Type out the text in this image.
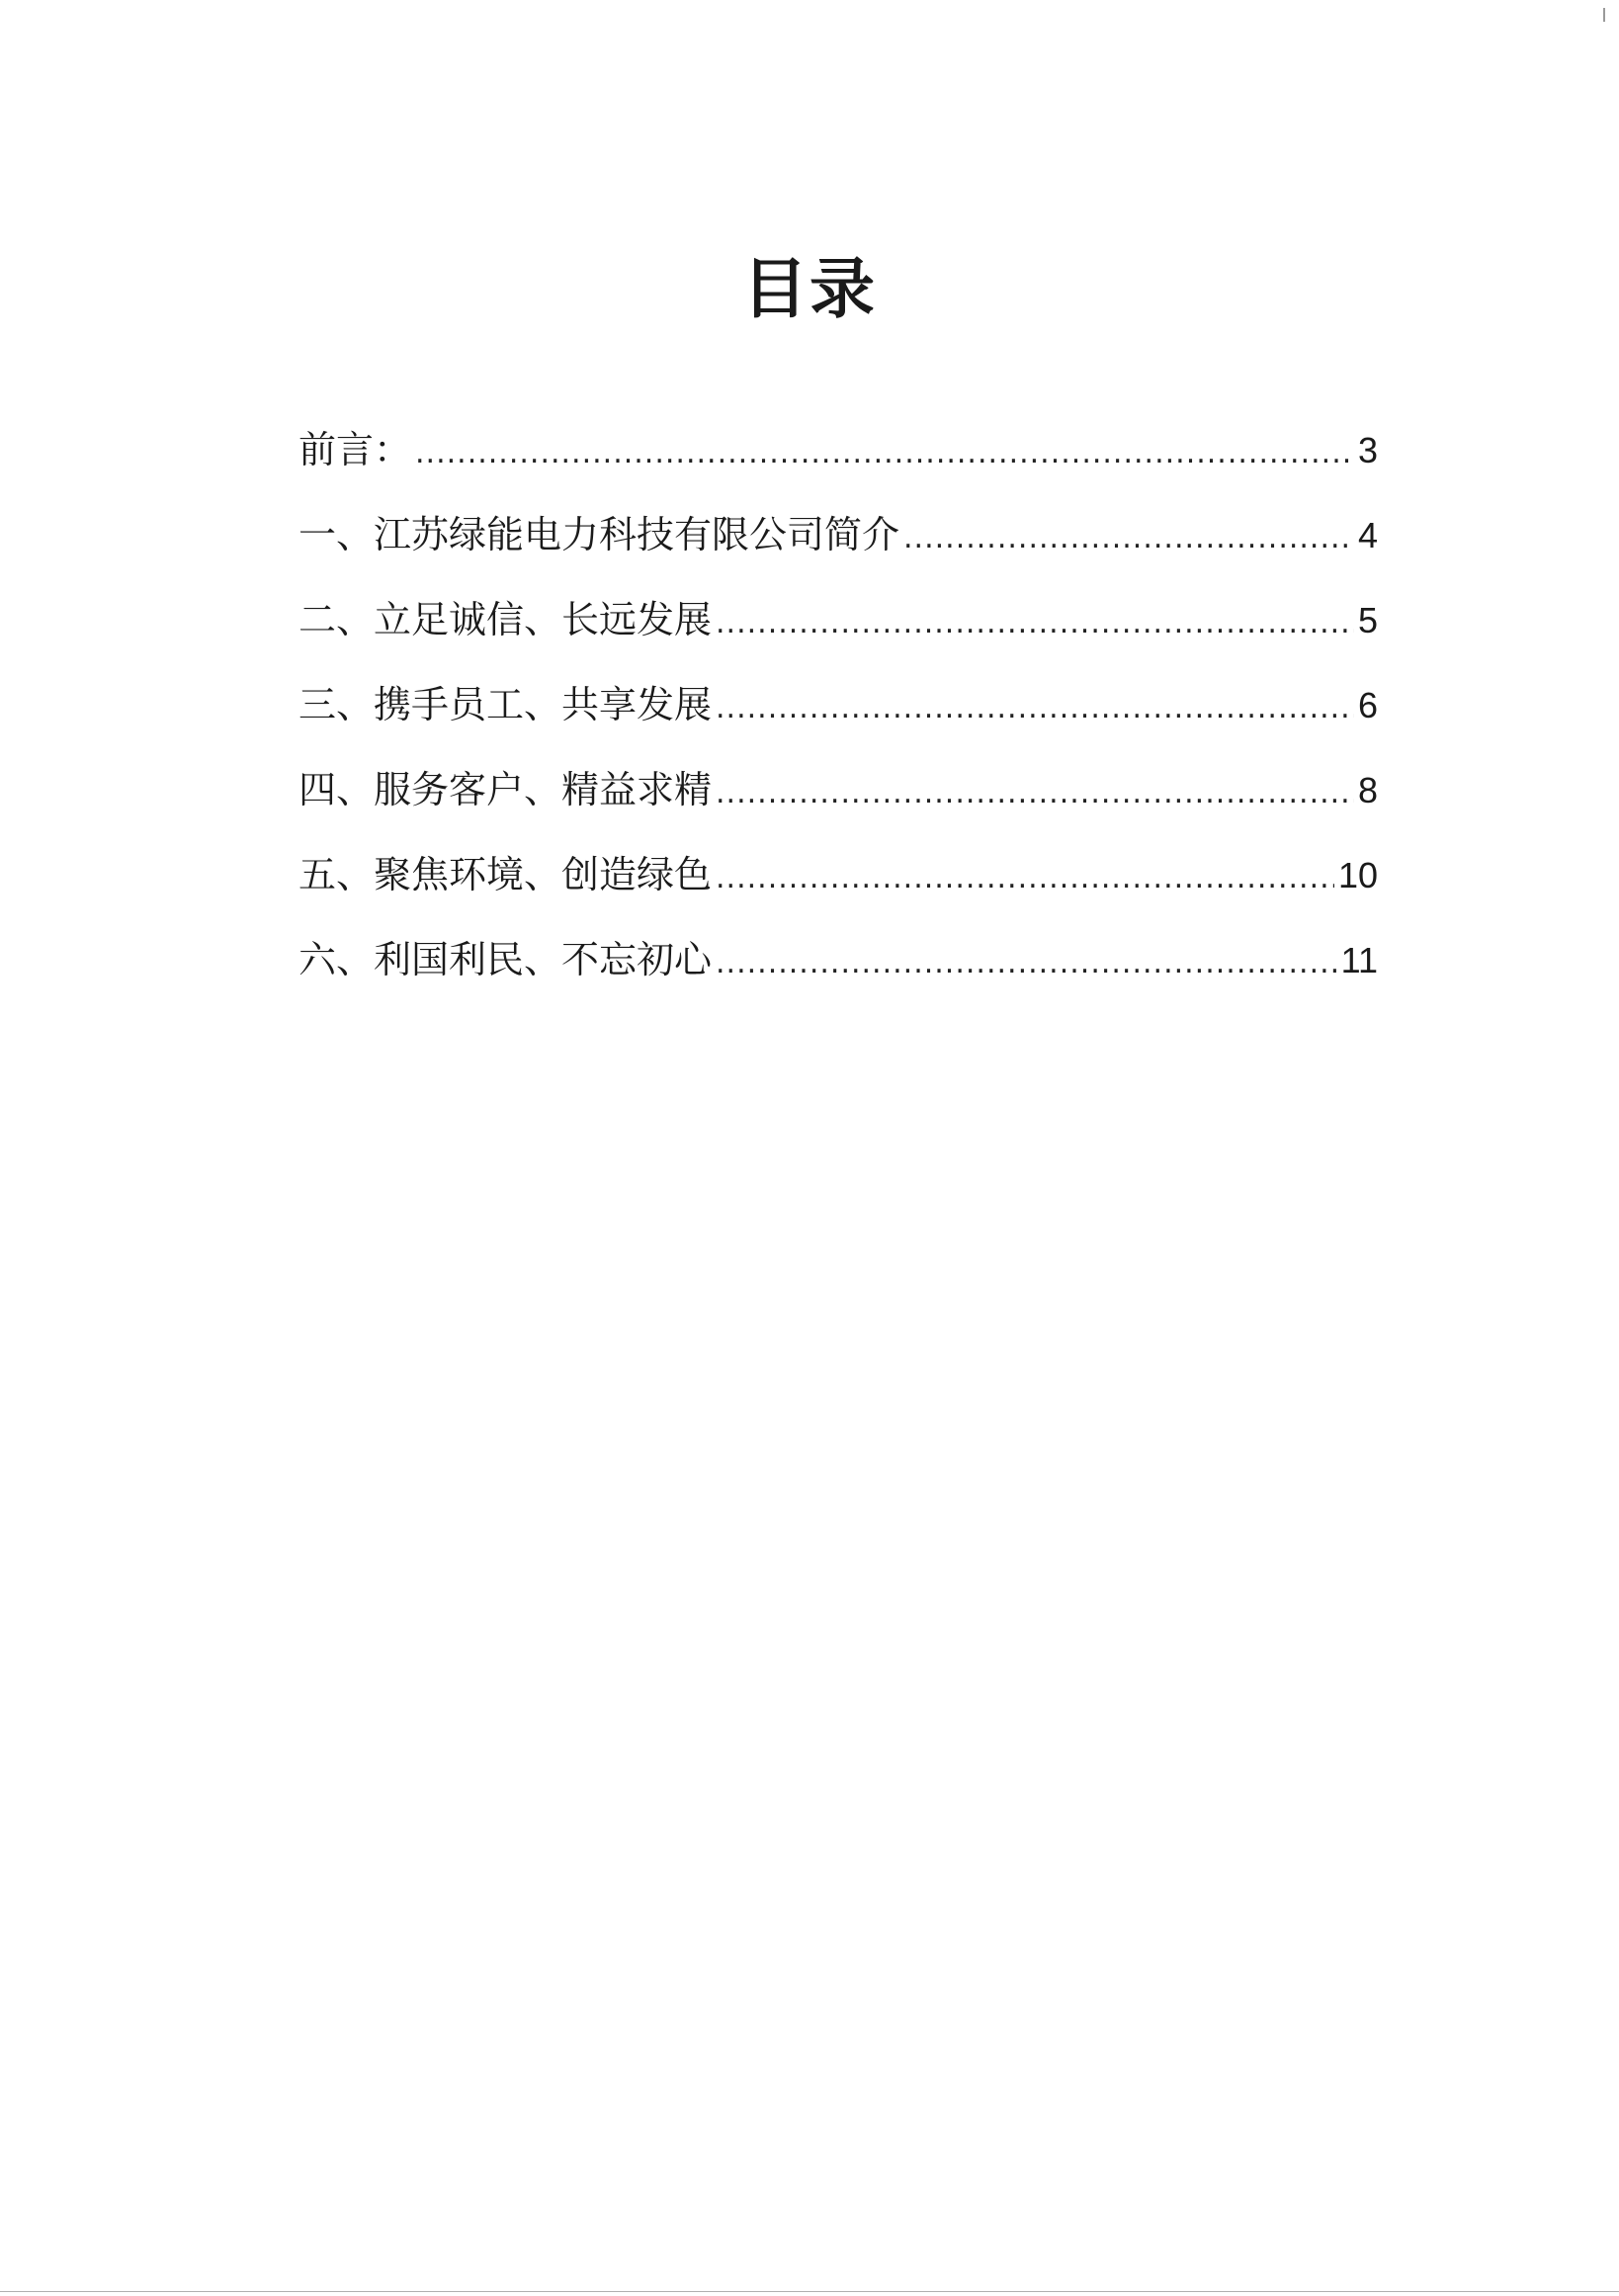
目录
前言： .....	3
一、江苏绿能电力科技有限公司简介 .....	4
二、立足诚信、长远发展 .....	5
三、携手员工、共享发展 .....	6
四、服务客户、精益求精 .....	8
五、聚焦环境、创造绿色 .....	10
六、利国利民、不忘初心 .....	11
